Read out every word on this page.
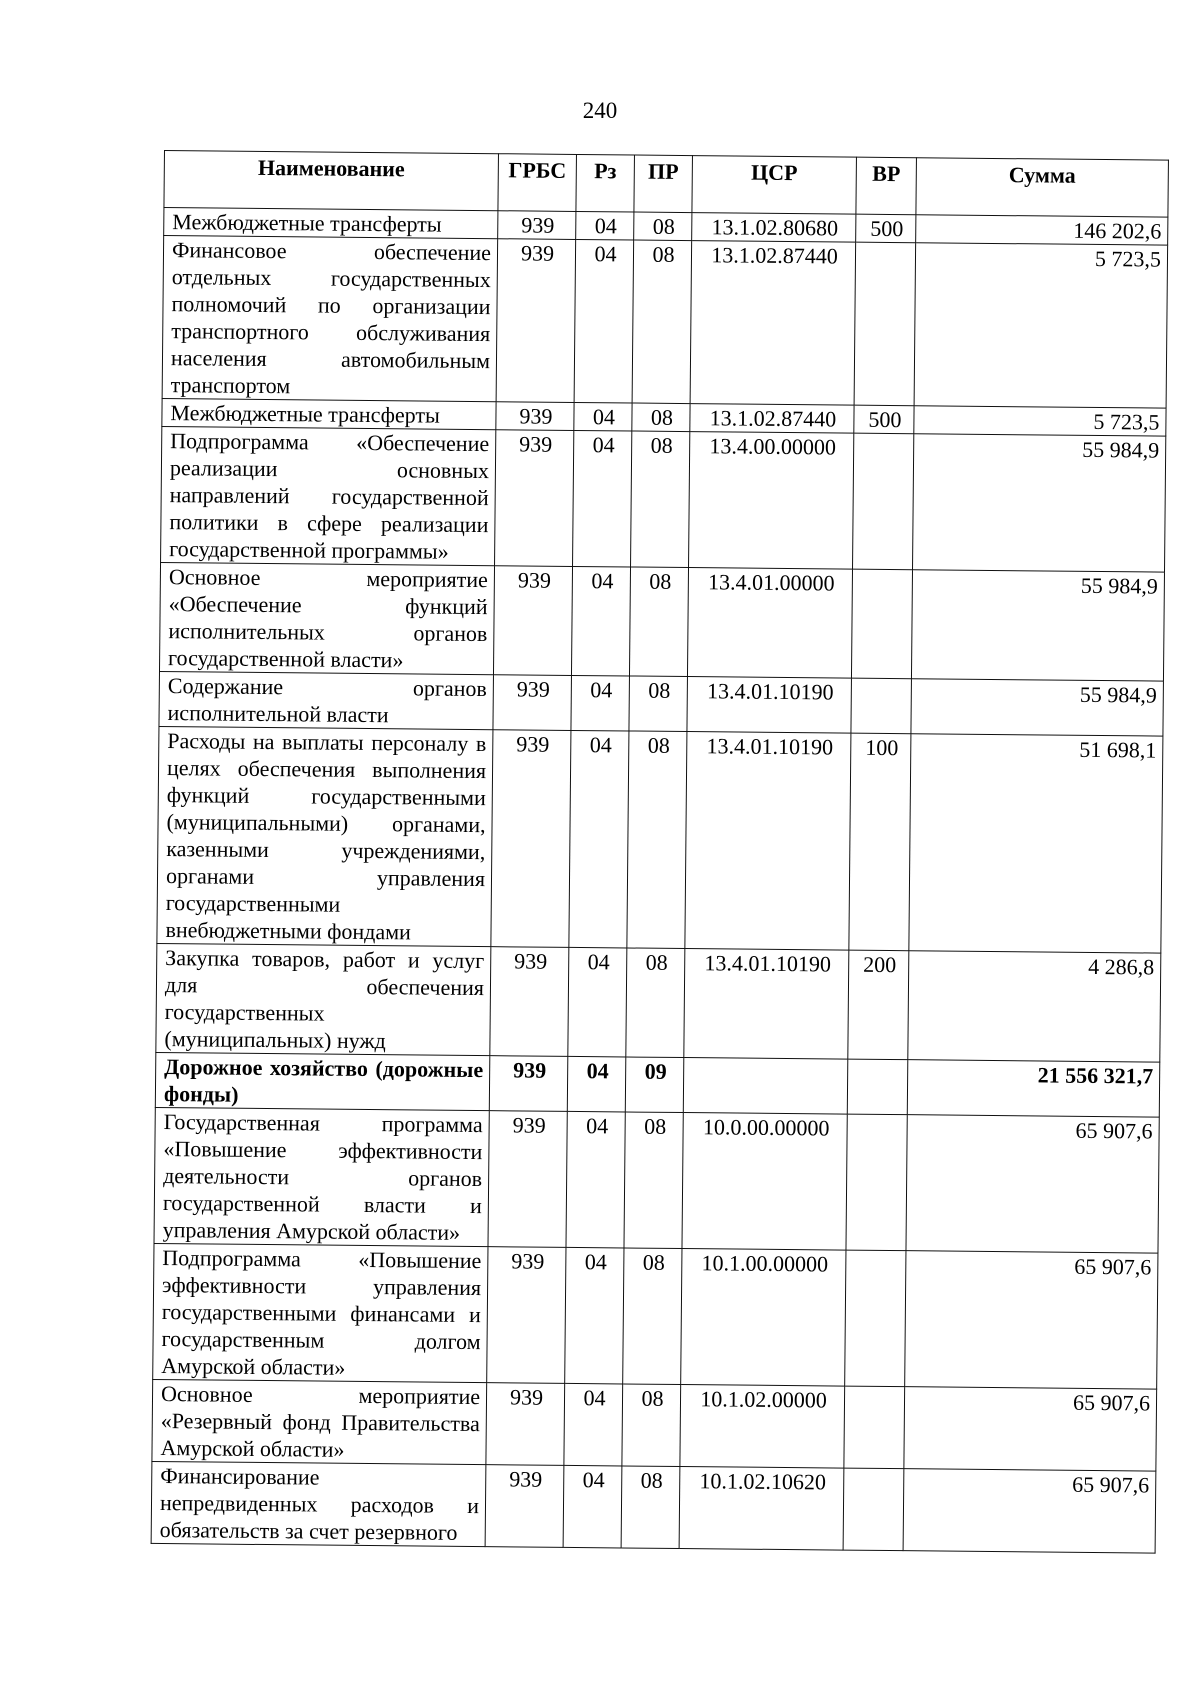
240
Наименование	ГРБС	Рз	ПР	ЦСР	ВР	Сумма
Межбюджетные трансферты	939	04	08	13.1.02.80680	500	146 202,6
Финансовое обеспечение отдельных государственных полномочий по организации транспортного обслуживания населения автомобильным транспортом	939	04	08	13.1.02.87440		5 723,5
Межбюджетные трансферты	939	04	08	13.1.02.87440	500	5 723,5
Подпрограмма «Обеспечение реализации основных направлений государственной политики в сфере реализации государственной программы»	939	04	08	13.4.00.00000		55 984,9
Основное мероприятие «Обеспечение функций исполнительных органов государственной власти»	939	04	08	13.4.01.00000		55 984,9
Содержание органов исполнительной власти	939	04	08	13.4.01.10190		55 984,9
Расходы на выплаты персоналу в целях обеспечения выполнения функций государственными (муниципальными) органами, казенными учреждениями, органами управления государственными внебюджетными фондами	939	04	08	13.4.01.10190	100	51 698,1
Закупка товаров, работ и услуг для обеспечения государственных (муниципальных) нужд	939	04	08	13.4.01.10190	200	4 286,8
Дорожное хозяйство (дорожные фонды)	939	04	09			21 556 321,7
Государственная программа «Повышение эффективности деятельности органов государственной власти и управления Амурской области»	939	04	08	10.0.00.00000		65 907,6
Подпрограмма «Повышение эффективности управления государственными финансами и государственным долгом Амурской области»	939	04	08	10.1.00.00000		65 907,6
Основное мероприятие «Резервный фонд Правительства Амурской области»	939	04	08	10.1.02.00000		65 907,6
Финансирование непредвиденных расходов и обязательств за счет резервного	939	04	08	10.1.02.10620		65 907,6
